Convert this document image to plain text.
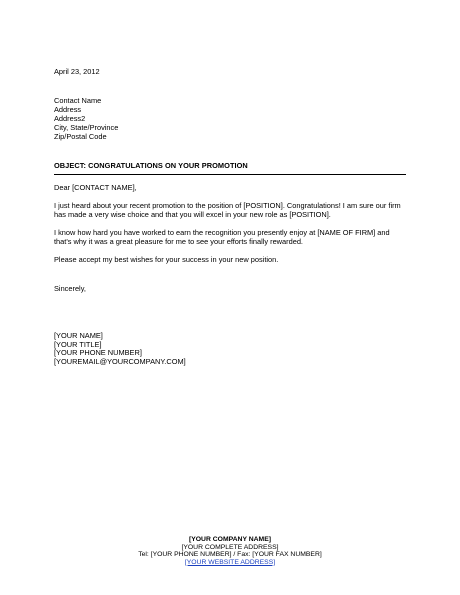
April 23, 2012
Contact Name
Address
Address2
City, State/Province
Zip/Postal Code
OBJECT: CONGRATULATIONS ON YOUR PROMOTION
Dear [CONTACT NAME],
I just heard about your recent promotion to the position of [POSITION]. Congratulations! I am sure our firm has made a very wise choice and that you will excel in your new role as [POSITION].
I know how hard you have worked to earn the recognition you presently enjoy at [NAME OF FIRM] and that's why it was a great pleasure for me to see your efforts finally rewarded.
Please accept my best wishes for your success in your new position.
Sincerely,
[YOUR NAME]
[YOUR TITLE]
[YOUR PHONE NUMBER]
[YOUREMAIL@YOURCOMPANY.COM]
[YOUR COMPANY NAME]
[YOUR COMPLETE ADDRESS]
Tel: [YOUR PHONE NUMBER] / Fax: [YOUR FAX NUMBER]
[YOUR WEBSITE ADDRESS]
